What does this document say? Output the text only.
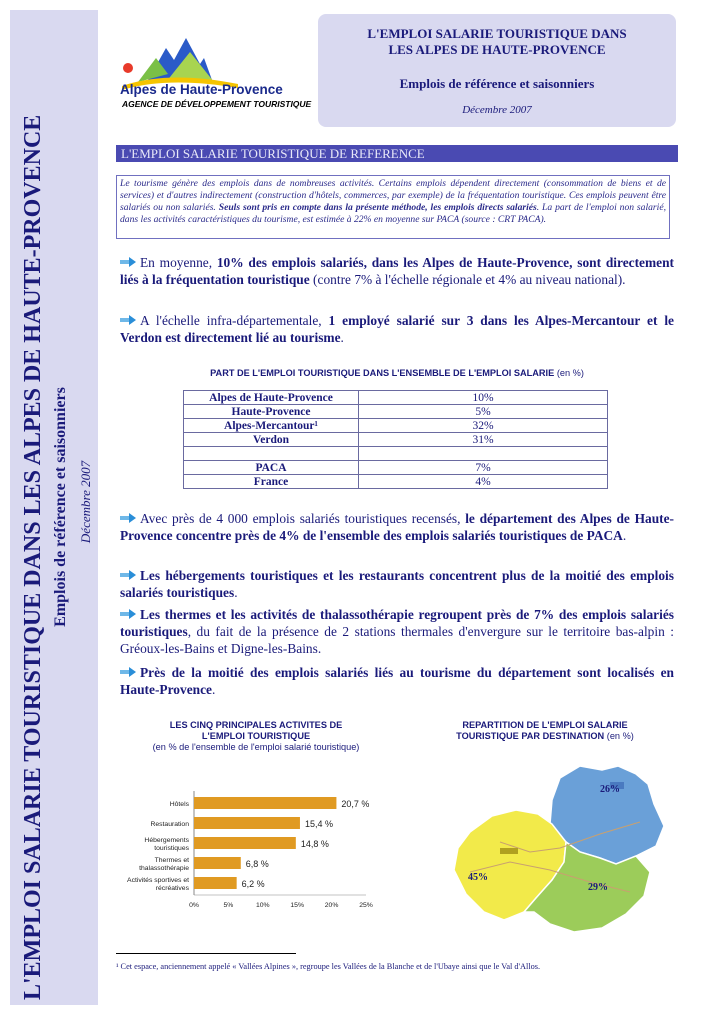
L'EMPLOI SALARIE TOURISTIQUE DANS LES ALPES DE HAUTE-PROVENCE Emplois de référence et saisonniers Décembre 2007
Alpes de Haute-Provence
AGENCE DE DÉVELOPPEMENT TOURISTIQUE
L'EMPLOI SALARIE TOURISTIQUE DANS
LES ALPES DE HAUTE-PROVENCE
Emplois de référence et saisonniers
Décembre 2007
L'EMPLOI SALARIE TOURISTIQUE DE REFERENCE
Le tourisme génère des emplois dans de nombreuses activités. Certains emplois dépendent directement (consommation de biens et de services) et d'autres indirectement (construction d'hôtels, commerces, par exemple) de la fréquentation touristique. Ces emplois peuvent être salariés ou non salariés. Seuls sont pris en compte dans la présente méthode, les emplois directs salariés. La part de l'emploi non salarié, dans les activités caractéristiques du tourisme, est estimée à 22% en moyenne sur PACA (source : CRT PACA).
En moyenne, 10% des emplois salariés, dans les Alpes de Haute-Provence, sont directement liés à la fréquentation touristique (contre 7% à l'échelle régionale et 4% au niveau national).
A l'échelle infra-départementale, 1 employé salarié sur 3 dans les Alpes-Mercantour et le Verdon est directement lié au tourisme.
PART DE L'EMPLOI TOURISTIQUE DANS L'ENSEMBLE DE L'EMPLOI SALARIE (en %)
Alpes de Haute-Provence	10%
Haute-Provence	5%
Alpes-Mercantour¹	32%
Verdon	31%

PACA	7%
France	4%
Avec près de 4 000 emplois salariés touristiques recensés, le département des Alpes de Haute-Provence concentre près de 4% de l'ensemble des emplois salariés touristiques de PACA.
Les hébergements touristiques et les restaurants concentrent plus de la moitié des emplois salariés touristiques.
Les thermes et les activités de thalassothérapie regroupent près de 7% des emplois salariés touristiques, du fait de la présence de 2 stations thermales d'envergure sur le territoire bas-alpin : Gréoux-les-Bains et Digne-les-Bains.
Près de la moitié des emplois salariés liés au tourisme du département sont localisés en Haute-Provence.
LES CINQ PRINCIPALES ACTIVITES DE
L'EMPLOI TOURISTIQUE
(en % de l'ensemble de l'emploi salarié touristique)
20,7 %
Hôtels
15,4 %
Restauration
14,8 %
Hébergements
touristiques
6,8 %
Thermes et
thalassothérapie
6,2 %
Activités sportives et
récréatives
0%	5%	10%	15%	20%	25%
REPARTITION DE L'EMPLOI SALARIE
TOURISTIQUE PAR DESTINATION (en %)
26%
45%
29%
¹ Cet espace, anciennement appelé « Vallées Alpines », regroupe les Vallées de la Blanche et de l'Ubaye ainsi que le Val d'Allos.
